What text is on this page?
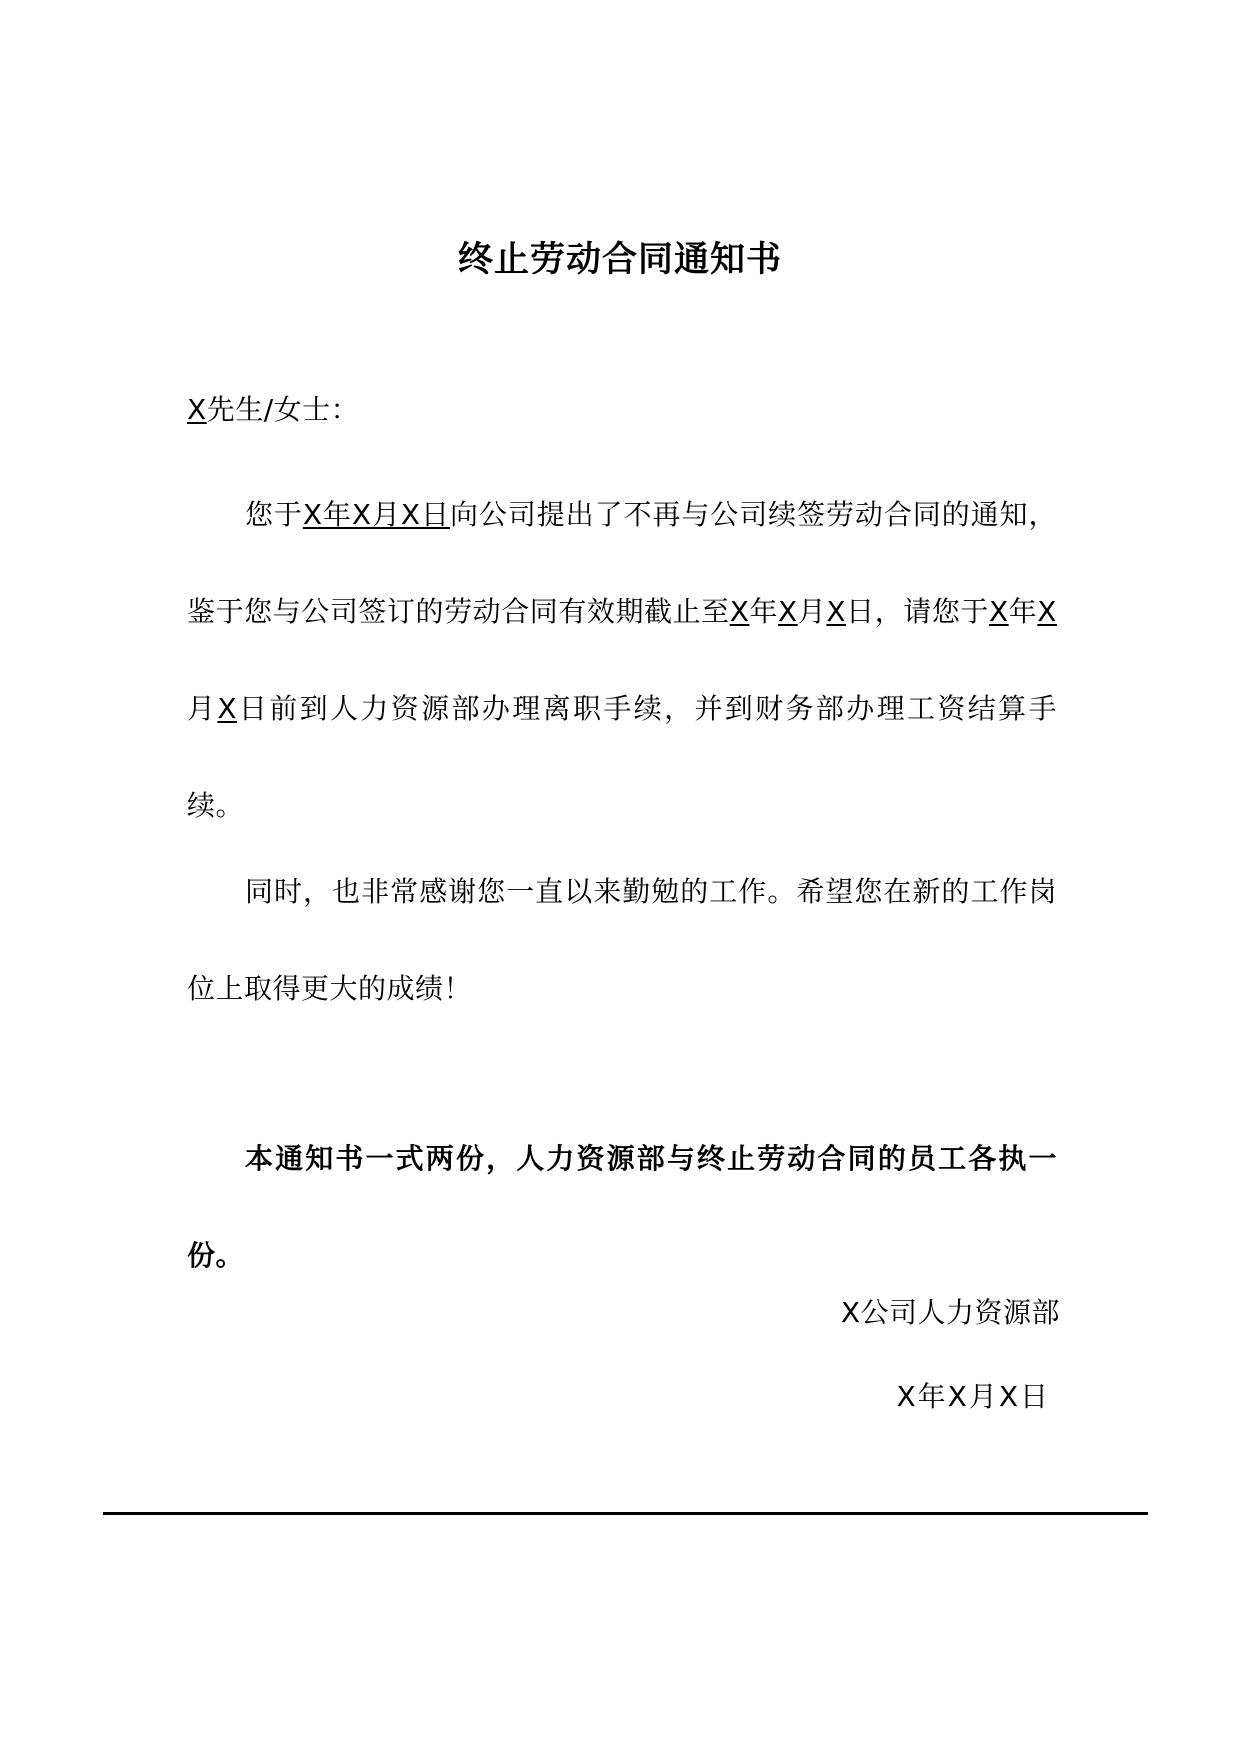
终止劳动合同通知书
X先生/女士：
您于X年X月X日向公司提出了不再与公司续签劳动合同的通知，鉴于您与公司签订的劳动合同有效期截止至X年X月X日，请您于X年X月X日前到人力资源部办理离职手续，并到财务部办理工资结算手续。
同时，也非常感谢您一直以来勤勉的工作。希望您在新的工作岗位上取得更大的成绩！
本通知书一式两份，人力资源部与终止劳动合同的员工各执一份。
X公司人力资源部
X年X月X日
